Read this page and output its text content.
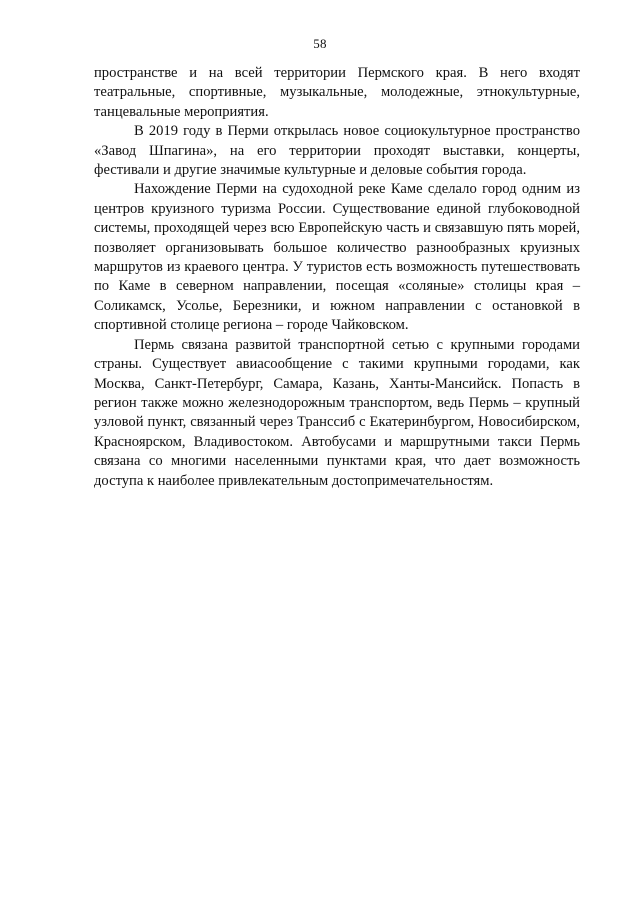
58

пространстве и на всей территории Пермского края. В него входят театральные, спортивные, музыкальные, молодежные, этнокультурные, танцевальные мероприятия.

В 2019 году в Перми открылась новое социокультурное пространство «Завод Шпагина», на его территории проходят выставки, концерты, фестивали и другие значимые культурные и деловые события города.

Нахождение Перми на судоходной реке Каме сделало город одним из центров круизного туризма России. Существование единой глубоководной системы, проходящей через всю Европейскую часть и связавшую пять морей, позволяет организовывать большое количество разнообразных круизных маршрутов из краевого центра. У туристов есть возможность путешествовать по Каме в северном направлении, посещая «соляные» столицы края – Соликамск, Усолье, Березники, и южном направлении с остановкой в спортивной столице региона – городе Чайковском.

Пермь связана развитой транспортной сетью с крупными городами страны. Существует авиасообщение с такими крупными городами, как Москва, Санкт-Петербург, Самара, Казань, Ханты-Мансийск. Попасть в регион также можно железнодорожным транспортом, ведь Пермь – крупный узловой пункт, связанный через Транссиб с Екатеринбургом, Новосибирском, Красноярском, Владивостоком. Автобусами и маршрутными такси Пермь связана со многими населенными пунктами края, что дает возможность доступа к наиболее привлекательным достопримечательностям.
